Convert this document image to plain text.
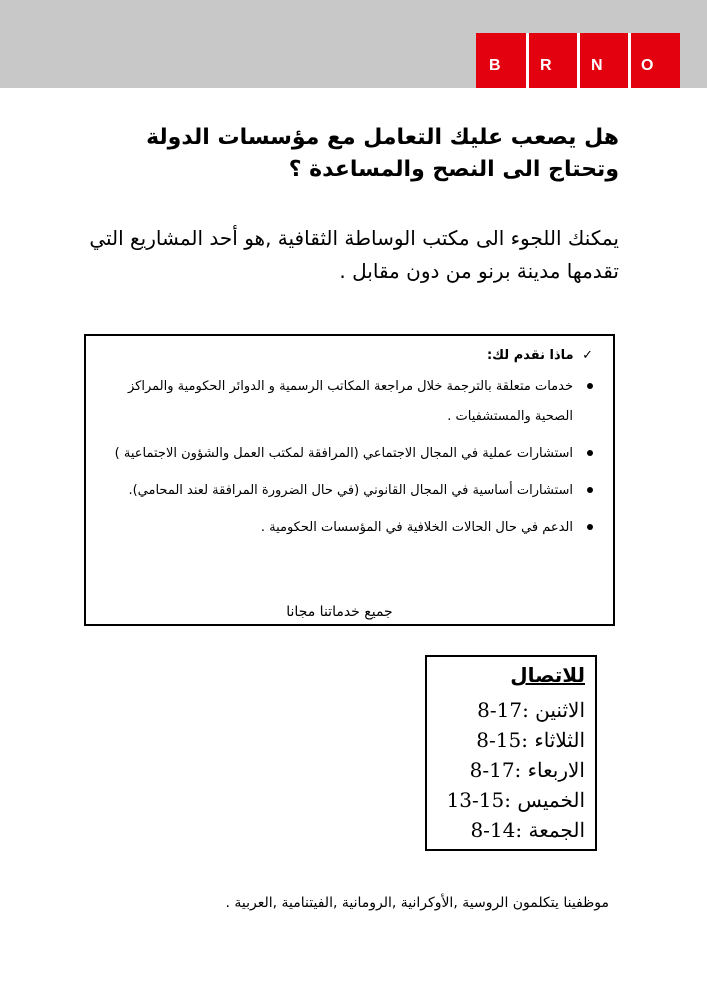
B R N O
هل يصعب عليك التعامل مع مؤسسات الدولة وتحتاج الى النصح والمساعدة ؟

يمكنك اللجوء الى مكتب الوساطة الثقافية ,هو أحد المشاريع التي تقدمها مدينة برنو من دون مقابل .

✓ ماذا نقدم لك:
خدمات متعلقة بالترجمة خلال مراجعة المكاتب الرسمية و الدوائر الحكومية والمراكز الصحية والمستشفيات .
استشارات عملية في المجال الاجتماعي (المرافقة لمكتب العمل والشؤون الاجتماعية )
استشارات أساسية في المجال القانوني (في حال الضرورة المرافقة لعند المحامي).
الدعم في حال الحالات الخلافية في المؤسسات الحكومية .
جميع خدماتنا مجانا
للاتصال
الاثنين :8-17
الثلاثاء :8-15
الاربعاء :8-17
الخميس :13-15
الجمعة :8-14

موظفينا يتكلمون الروسية ,الأوكرانية ,الرومانية ,الفيتنامية ,العربية .
